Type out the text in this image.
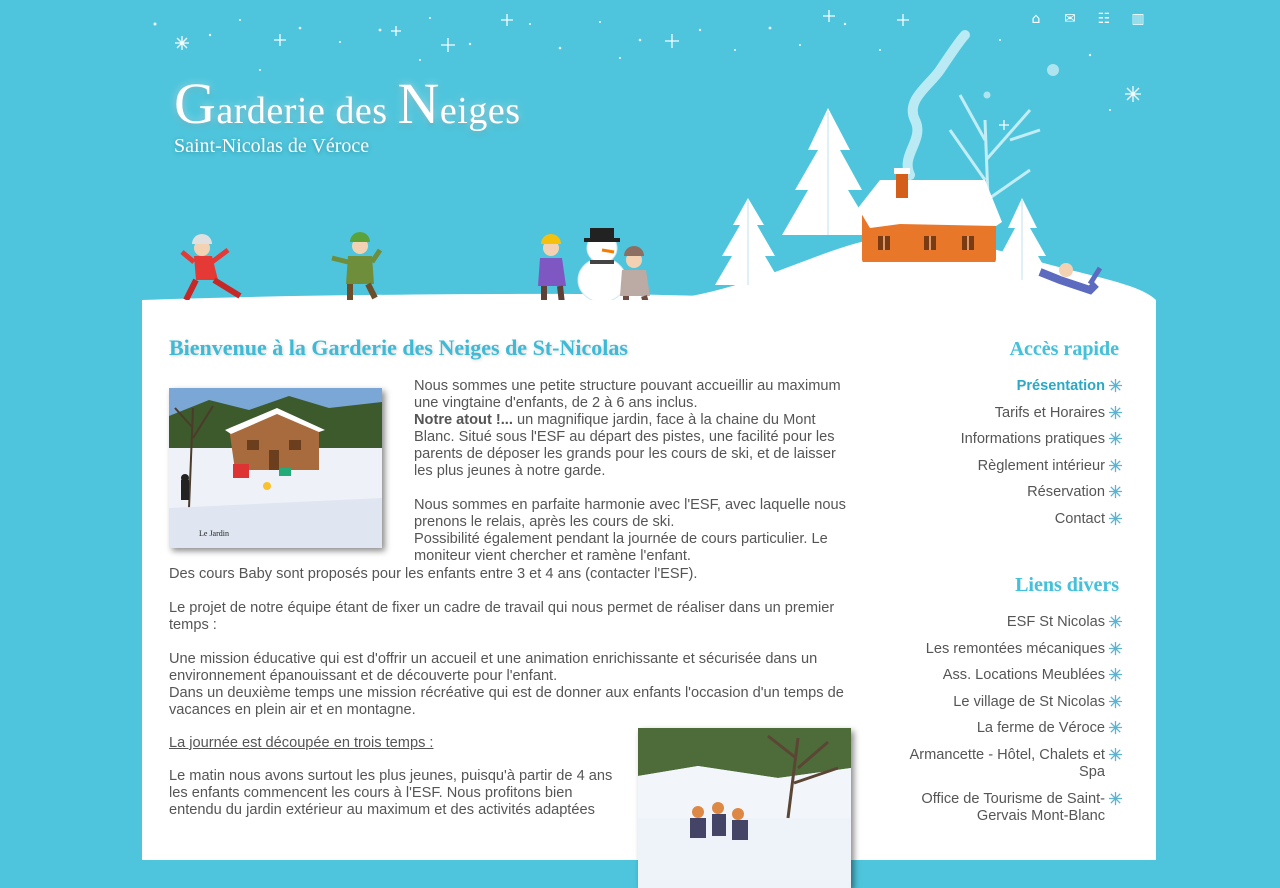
⌂	✉ ☷ ▥
Garderie des Neiges
Saint-Nicolas de Véroce
Bienvenue à la Garderie des Neiges de St-Nicolas
Le Jardin

Nous sommes une petite structure pouvant accueillir au maximum une vingtaine d'enfants, de 2 à 6 ans inclus.

Notre atout !... un magnifique jardin, face à la chaine du Mont Blanc. Situé sous l'ESF au départ des pistes, une facilité pour les parents de déposer les grands pour les cours de ski, et de laisser les plus jeunes à notre garde.

Nous sommes en parfaite harmonie avec l'ESF, avec laquelle nous prenons le relais, après les cours de ski.

Possibilité également pendant la journée de cours particulier. Le moniteur vient chercher et ramène l'enfant.

Des cours Baby sont proposés pour les enfants entre 3 et 4 ans (contacter l'ESF).

Le projet de notre équipe étant de fixer un cadre de travail qui nous permet de réaliser dans un premier temps :

Une mission éducative qui est d'offrir un accueil et une animation enrichissante et sécurisée dans un environnement épanouissant et de découverte pour l'enfant.

Dans un deuxième temps une mission récréative qui est de donner aux enfants l'occasion d'un temps de vacances en plein air et en montagne.

La journée est découpée en trois temps :

Le matin nous avons surtout les plus jeunes, puisqu'à partir de 4 ans les enfants commencent les cours à l'ESF. Nous profitons bien entendu du jardin extérieur au maximum et des activités adaptées

Accès rapide
Présentation
Tarifs et Horaires
Informations pratiques
Règlement intérieur
Réservation
Contact
Liens divers
ESF St Nicolas
Les remontées mécaniques
Ass. Locations Meublées
Le village de St Nicolas
La ferme de Véroce
Armancette - Hôtel, Chalets et Spa
Office de Tourisme de Saint-Gervais Mont-Blanc
